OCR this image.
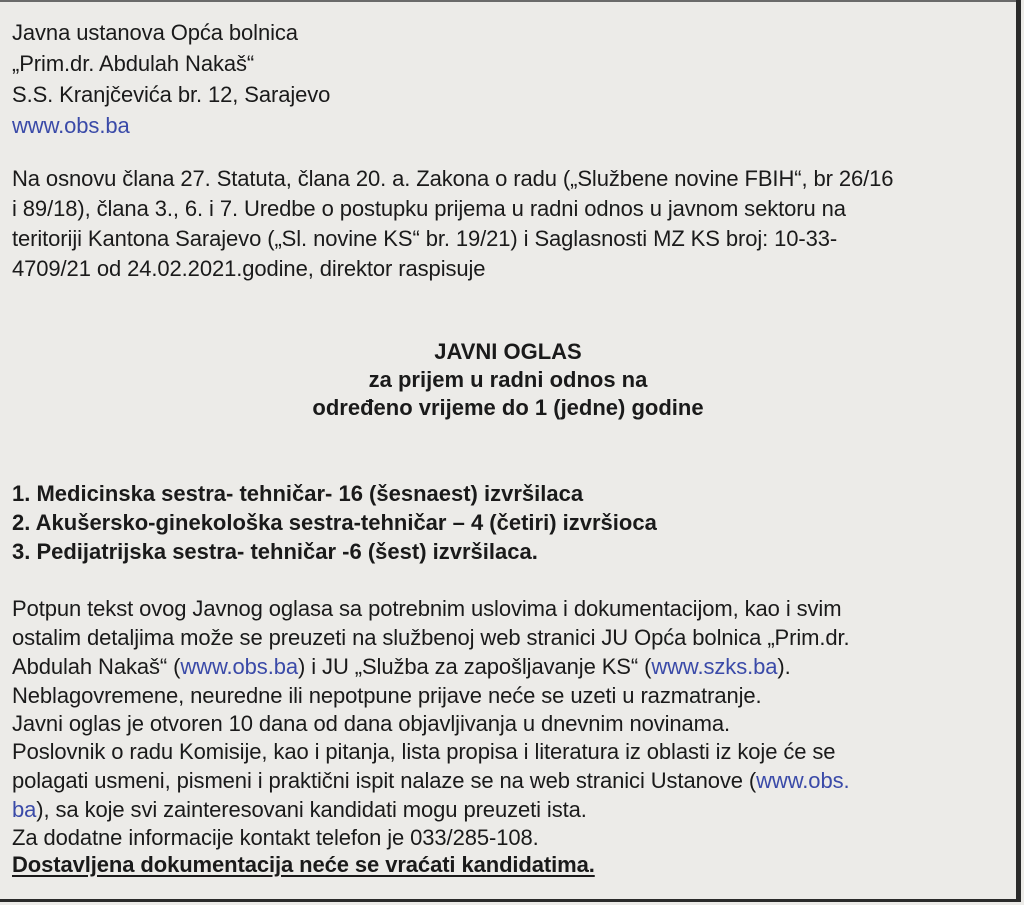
Javna ustanova Opća bolnica
„Prim.dr. Abdulah Nakaš“
S.S. Kranjčevića br. 12, Sarajevo
www.obs.ba
Na osnovu člana 27. Statuta, člana 20. a. Zakona o radu („Službene novine FBIH“, br 26/16
i 89/18), člana 3., 6. i 7. Uredbe o postupku prijema u radni odnos u javnom sektoru na
teritoriji Kantona Sarajevo („Sl. novine KS“ br. 19/21) i Saglasnosti MZ KS broj: 10-33-
4709/21 od 24.02.2021.godine, direktor raspisuje
JAVNI OGLAS
za prijem u radni odnos na
određeno vrijeme do 1 (jedne) godine
1. Medicinska sestra- tehničar- 16 (šesnaest) izvršilaca
2. Akušersko-ginekološka sestra-tehničar – 4 (četiri) izvršioca
3. Pedijatrijska sestra- tehničar -6 (šest) izvršilaca.
Potpun tekst ovog Javnog oglasa sa potrebnim uslovima i dokumentacijom, kao i svim
ostalim detaljima može se preuzeti na službenoj web stranici JU Opća bolnica „Prim.dr.
Abdulah Nakaš“ (www.obs.ba) i JU „Služba za zapošljavanje KS“ (www.szks.ba).
Neblagovremene, neuredne ili nepotpune prijave neće se uzeti u razmatranje.
Javni oglas je otvoren 10 dana od dana objavljivanja u dnevnim novinama.
Poslovnik o radu Komisije, kao i pitanja, lista propisa i literatura iz oblasti iz koje će se
polagati usmeni, pismeni i praktični ispit nalaze se na web stranici Ustanove (www.obs.
ba), sa koje svi zainteresovani kandidati mogu preuzeti ista.
Za dodatne informacije kontakt telefon je 033/285-108.
Dostavljena dokumentacija neće se vraćati kandidatima.
